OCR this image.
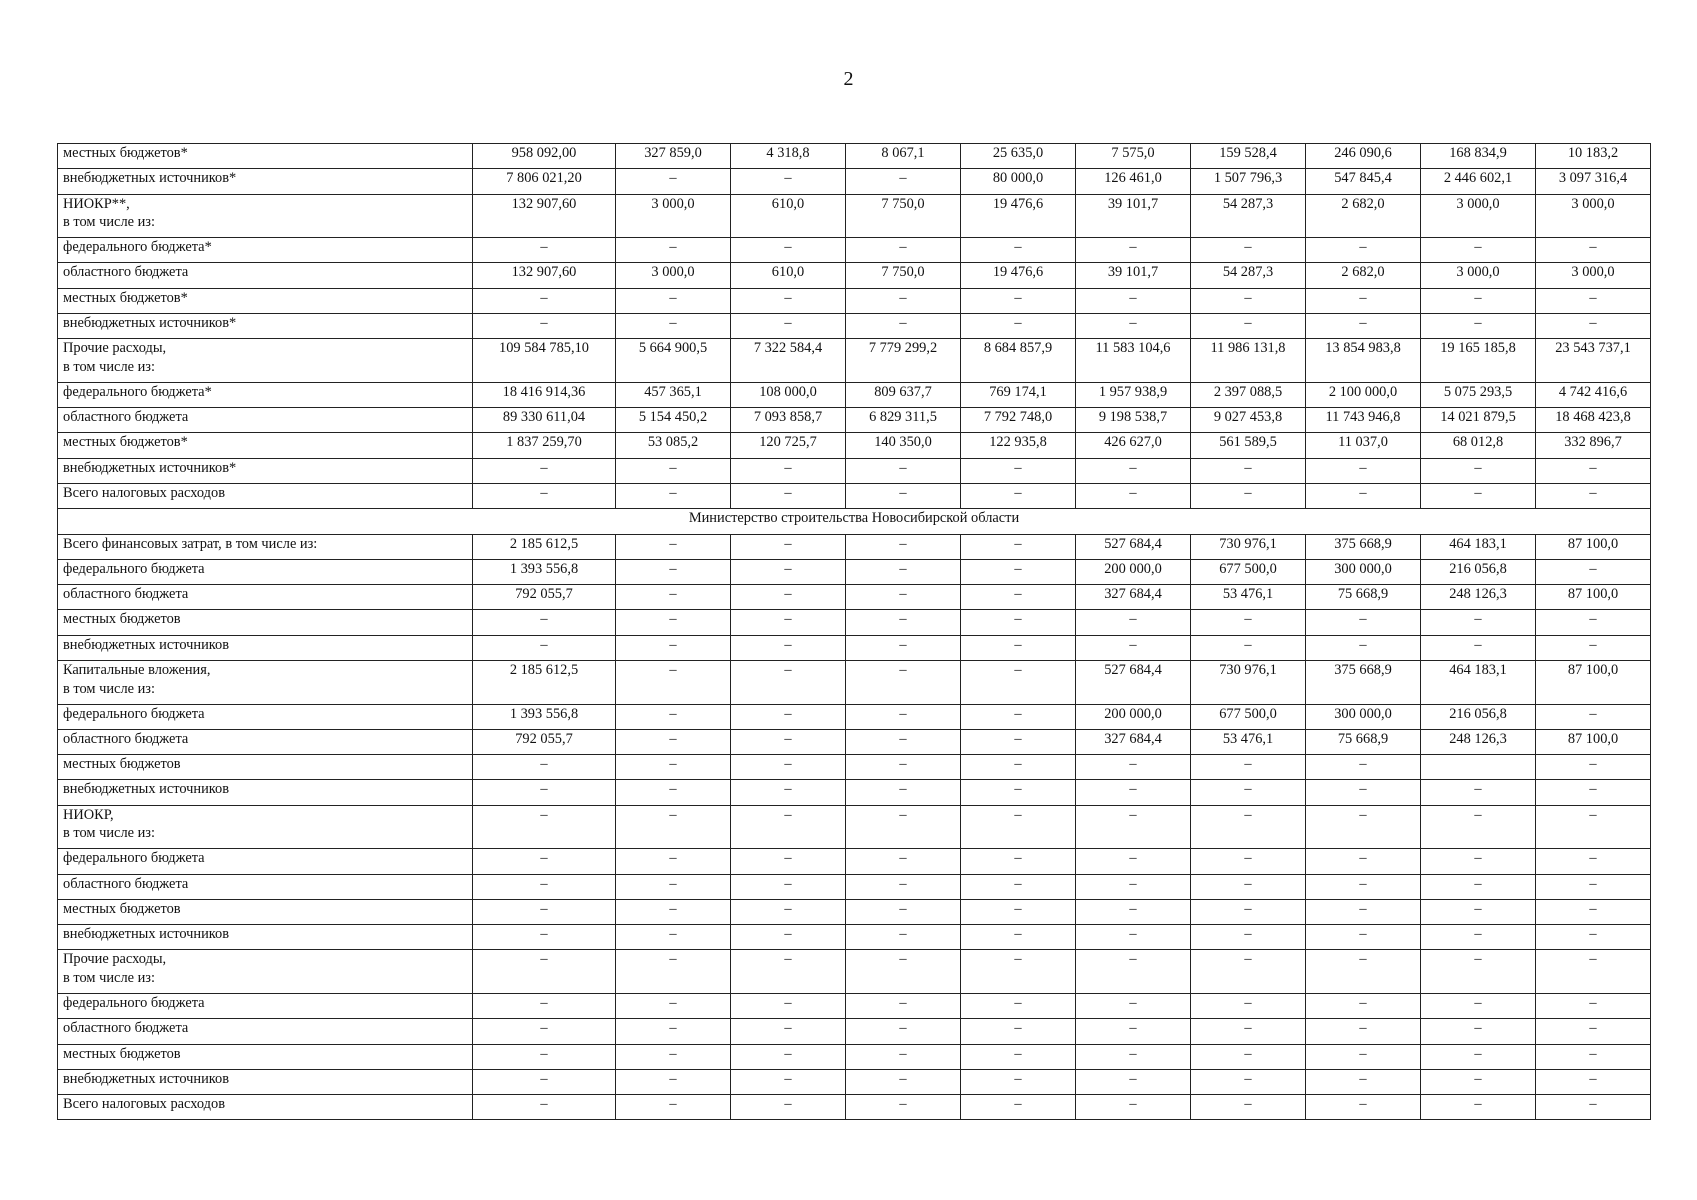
2
местных бюджетов*	958 092,00	327 859,0	4 318,8	8 067,1	25 635,0	7 575,0	159 528,4	246 090,6	168 834,9	10 183,2

внебюджетных источников*	7 806 021,20	–	–	–	80 000,0	126 461,0	1 507 796,3	547 845,4	2 446 602,1	3 097 316,4

НИОКР**,
в том числе из:	132 907,60	3 000,0	610,0	7 750,0	19 476,6	39 101,7	54 287,3	2 682,0	3 000,0	3 000,0

федерального бюджета*	–	–	–	–	–	–	–	–	–	–

областного бюджета	132 907,60	3 000,0	610,0	7 750,0	19 476,6	39 101,7	54 287,3	2 682,0	3 000,0	3 000,0

местных бюджетов*	–	–	–	–	–	–	–	–	–	–

внебюджетных источников*	–	–	–	–	–	–	–	–	–	–

Прочие расходы,
в том числе из:	109 584 785,10	5 664 900,5	7 322 584,4	7 779 299,2	8 684 857,9	11 583 104,6	11 986 131,8	13 854 983,8	19 165 185,8	23 543 737,1

федерального бюджета*	18 416 914,36	457 365,1	108 000,0	809 637,7	769 174,1	1 957 938,9	2 397 088,5	2 100 000,0	5 075 293,5	4 742 416,6

областного бюджета	89 330 611,04	5 154 450,2	7 093 858,7	6 829 311,5	7 792 748,0	9 198 538,7	9 027 453,8	11 743 946,8	14 021 879,5	18 468 423,8

местных бюджетов*	1 837 259,70	53 085,2	120 725,7	140 350,0	122 935,8	426 627,0	561 589,5	11 037,0	68 012,8	332 896,7

внебюджетных источников*	–	–	–	–	–	–	–	–	–	–

Всего налоговых расходов	–	–	–	–	–	–	–	–	–	–
Министерство строительства Новосибирской области										

Всего финансовых затрат, в том числе из:	2 185 612,5	–	–	–	–	527 684,4	730 976,1	375 668,9	464 183,1	87 100,0

федерального бюджета	1 393 556,8	–	–	–	–	200 000,0	677 500,0	300 000,0	216 056,8	–

областного бюджета	792 055,7	–	–	–	–	327 684,4	53 476,1	75 668,9	248 126,3	87 100,0

местных бюджетов	–	–	–	–	–	–	–	–	–	–

внебюджетных источников	–	–	–	–	–	–	–	–	–	–

Капитальные вложения,
в том числе из:	2 185 612,5	–	–	–	–	527 684,4	730 976,1	375 668,9	464 183,1	87 100,0

федерального бюджета	1 393 556,8	–	–	–	–	200 000,0	677 500,0	300 000,0	216 056,8	–

областного бюджета	792 055,7	–	–	–	–	327 684,4	53 476,1	75 668,9	248 126,3	87 100,0

местных бюджетов	–	–	–	–	–	–	–	–		–

внебюджетных источников	–	–	–	–	–	–	–	–	–	–

НИОКР,
в том числе из:	–	–	–	–	–	–	–	–	–	–

федерального бюджета	–	–	–	–	–	–	–	–	–	–

областного бюджета	–	–	–	–	–	–	–	–	–	–

местных бюджетов	–	–	–	–	–	–	–	–	–	–

внебюджетных источников	–	–	–	–	–	–	–	–	–	–

Прочие расходы,
в том числе из:	–	–	–	–	–	–	–	–	–	–

федерального бюджета	–	–	–	–	–	–	–	–	–	–

областного бюджета	–	–	–	–	–	–	–	–	–	–

местных бюджетов	–	–	–	–	–	–	–	–	–	–

внебюджетных источников	–	–	–	–	–	–	–	–	–	–

Всего налоговых расходов	–	–	–	–	–	–	–	–	–	–
